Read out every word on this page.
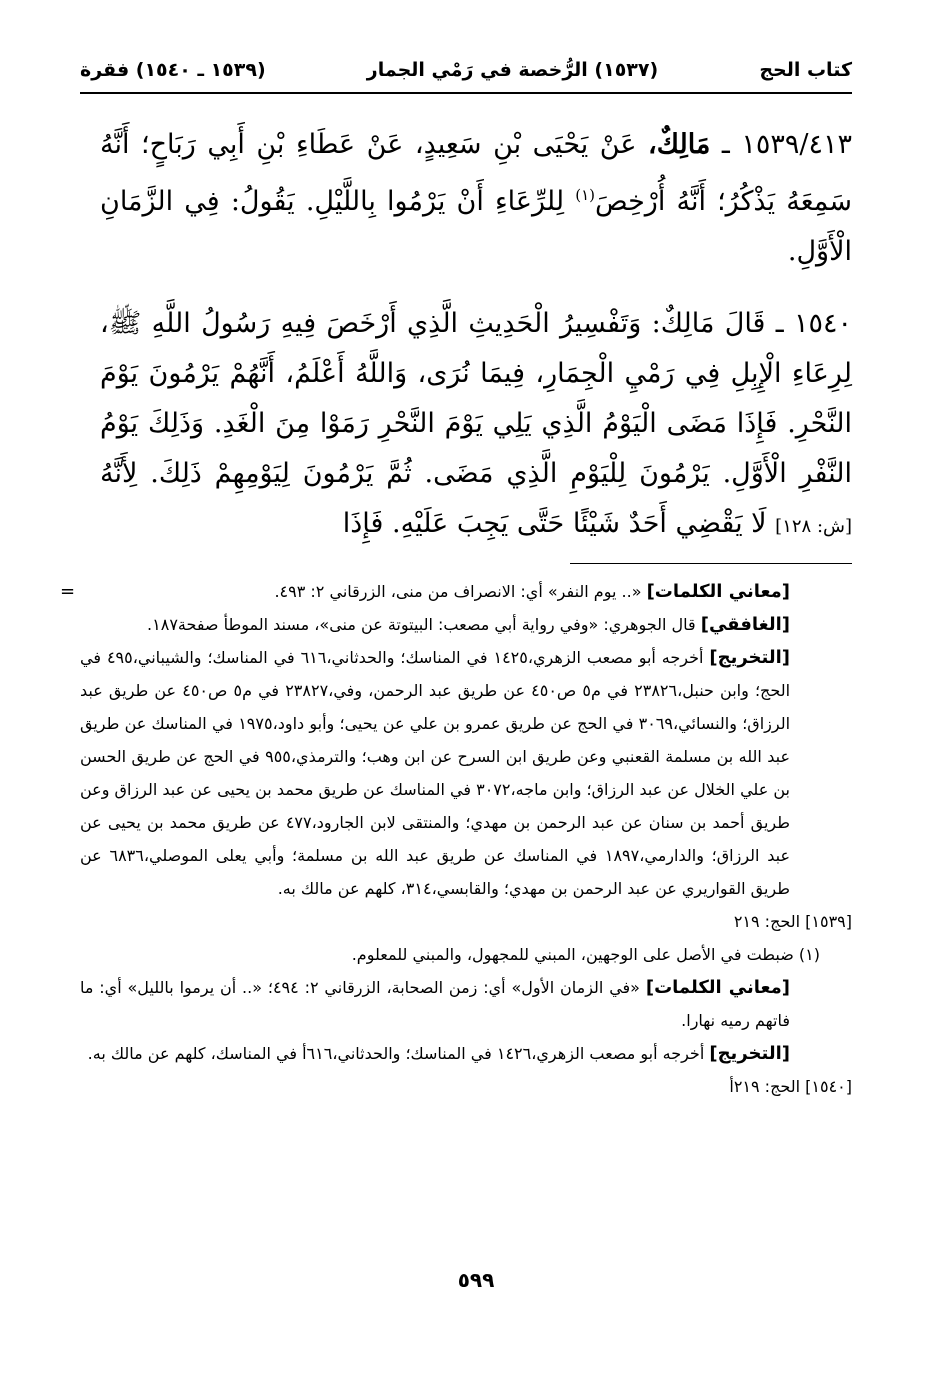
كتاب الحج
(١٥٣٧) الرُّخصة في رَمْي الجمار
(١٥٣٩ ـ ١٥٤٠) فقرة

١٥٣٩/٤١٣ ـ مَالِكٌ، عَنْ يَحْيَى بْنِ سَعِيدٍ، عَنْ عَطَاءِ بْنِ أَبِي رَبَاحٍ؛ أَنَّهُ سَمِعَهُ يَذْكُرُ؛ أَنَّهُ أُرْخِصَ$^{(١)}$ لِلرِّعَاءِ أَنْ يَرْمُوا بِاللَّيْلِ. يَقُولُ: فِي الزَّمَانِ الْأَوَّلِ.

١٥٤٠ ـ قَالَ مَالِكٌ: وَتَفْسِيرُ الْحَدِيثِ الَّذِي أَرْخَصَ فِيهِ رَسُولُ اللَّهِ ﷺ، لِرِعَاءِ الْإِبِلِ فِي رَمْيِ الْجِمَارِ، فِيمَا نُرَى، وَاللَّهُ أَعْلَمُ، أَنَّهُمْ يَرْمُونَ يَوْمَ النَّحْرِ. فَإِذَا مَضَى الْيَوْمُ الَّذِي يَلِي يَوْمَ النَّحْرِ رَمَوْا مِنَ الْغَدِ. وَذَلِكَ يَوْمُ النَّفْرِ الْأَوَّلِ. يَرْمُونَ لِلْيَوْمِ الَّذِي مَضَى. ثُمَّ يَرْمُونَ لِيَوْمِهِمْ ذَلِكَ. لِأَنَّهُ [ش: ١٢٨] لَا يَقْضِي أَحَدٌ شَيْئًا حَتَّى يَجِبَ عَلَيْهِ. فَإِذَا

=	[معاني الكلمات] «.. يوم النفر» أي: الانصراف من منى، الزرقاني ٢: ٤٩٣.

[الغافقي] قال الجوهري: «وفي رواية أبي مصعب: البيتوتة عن منى»، مسند الموطأ صفحة١٨٧.

[التخريج] أخرجه أبو مصعب الزهري،١٤٢٥ في المناسك؛ والحدثاني،٦١٦ في المناسك؛ والشيباني،٤٩٥ في الحج؛ وابن حنبل،٢٣٨٢٦ في م٥ ص٤٥٠ عن طريق عبد الرحمن، وفي،٢٣٨٢٧ في م٥ ص٤٥٠ عن طريق عبد الرزاق؛ والنسائي،٣٠٦٩ في الحج عن طريق عمرو بن علي عن يحيى؛ وأبو داود،١٩٧٥ في المناسك عن طريق عبد الله بن مسلمة القعنبي وعن طريق ابن السرح عن ابن وهب؛ والترمذي،٩٥٥ في الحج عن طريق الحسن بن علي الخلال عن عبد الرزاق؛ وابن ماجه،٣٠٧٢ في المناسك عن طريق محمد بن يحيى عن عبد الرزاق وعن طريق أحمد بن سنان عن عبد الرحمن بن مهدي؛ والمنتقى لابن الجارود،٤٧٧ عن طريق محمد بن يحيى عن عبد الرزاق؛ والدارمي،١٨٩٧ في المناسك عن طريق عبد الله بن مسلمة؛ وأبي يعلى الموصلي،٦٨٣٦ عن طريق القواريري عن عبد الرحمن بن مهدي؛ والقابسي،٣١٤، كلهم عن مالك به.

[١٥٣٩] الحج: ٢١٩

(١) ضبطت في الأصل على الوجهين، المبني للمجهول، والمبني للمعلوم.

[معاني الكلمات] «في الزمان الأول» أي: زمن الصحابة، الزرقاني ٢: ٤٩٤؛ «.. أن يرموا بالليل» أي: ما فاتهم رميه نهارا.

[التخريج] أخرجه أبو مصعب الزهري،١٤٢٦ في المناسك؛ والحدثاني،٦١٦أ في المناسك، كلهم عن مالك به.

[١٥٤٠] الحج: ٢١٩أ

٥٩٩
